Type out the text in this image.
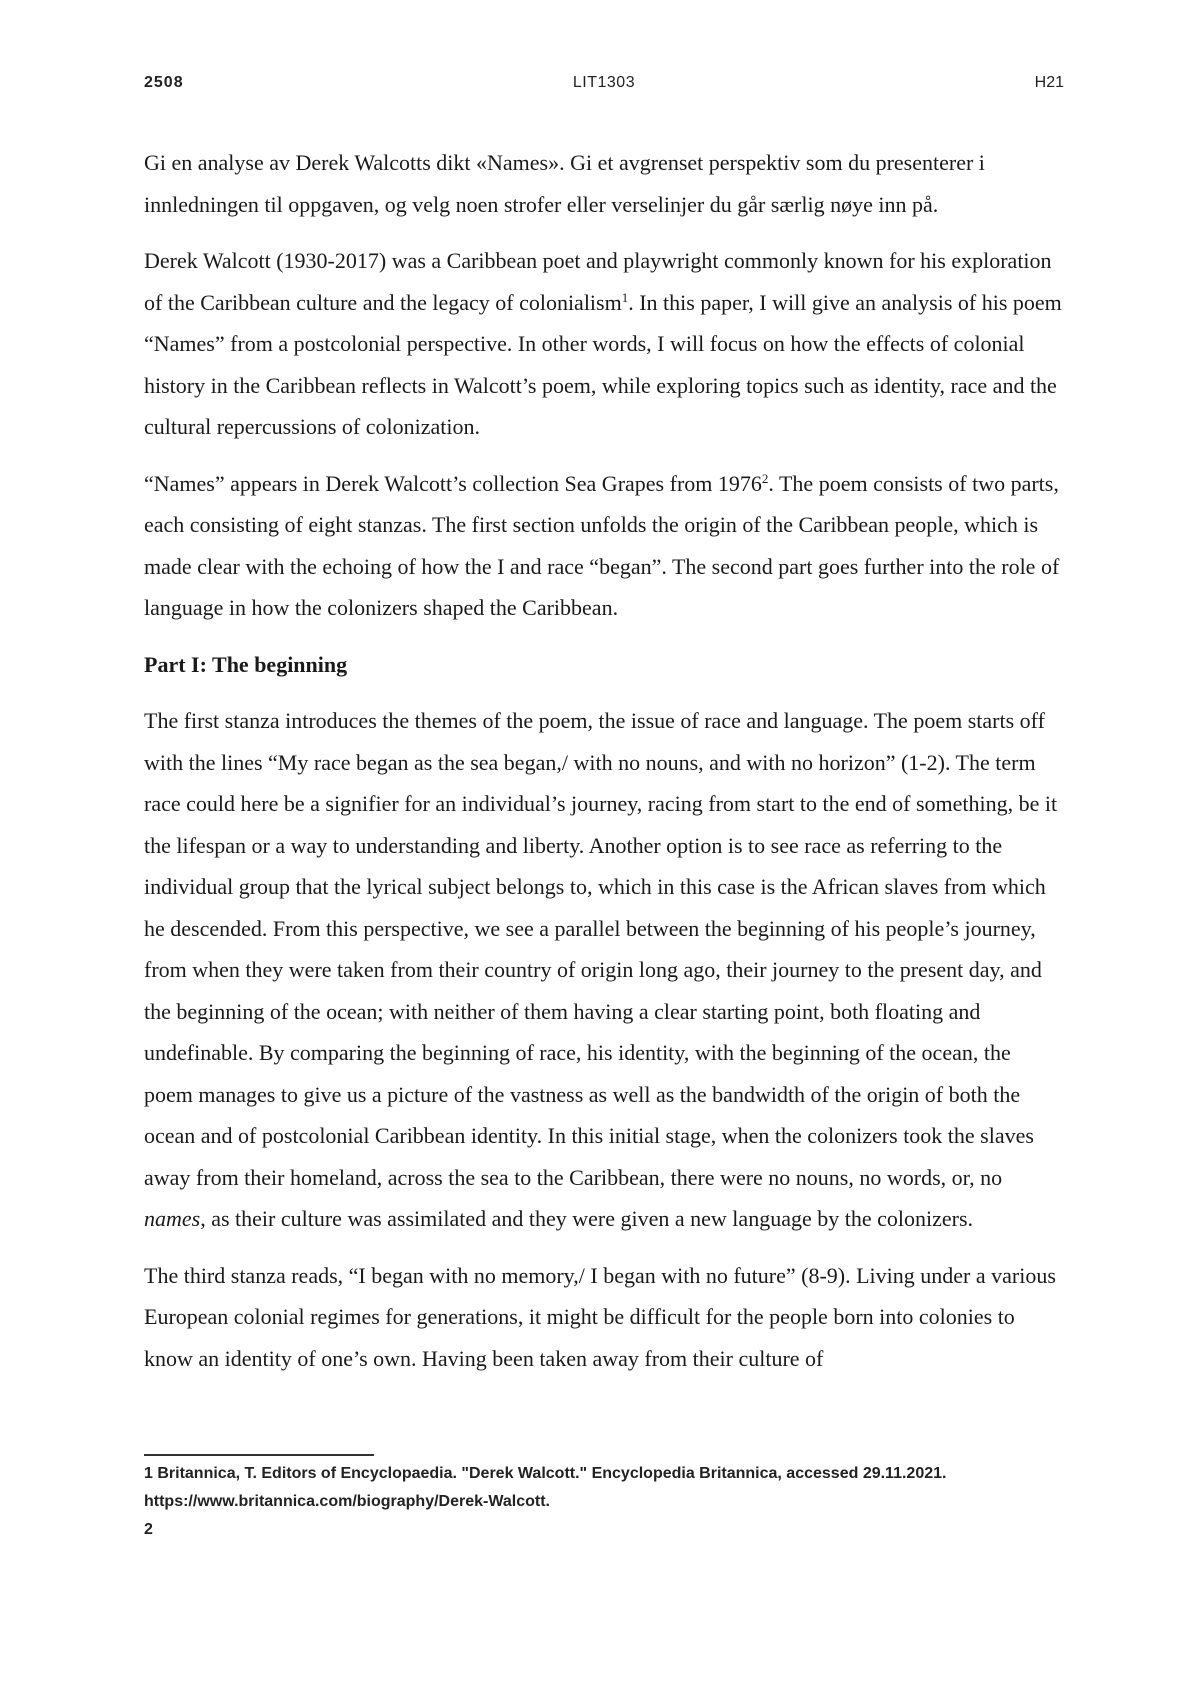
2508	LIT1303	H21

Gi en analyse av Derek Walcotts dikt «Names». Gi et avgrenset perspektiv som du presenterer i innledningen til oppgaven, og velg noen strofer eller verselinjer du går særlig nøye inn på.

Derek Walcott (1930-2017) was a Caribbean poet and playwright commonly known for his exploration of the Caribbean culture and the legacy of colonialism$^1$. In this paper, I will give an analysis of his poem “Names” from a postcolonial perspective. In other words, I will focus on how the effects of colonial history in the Caribbean reflects in Walcott’s poem, while exploring topics such as identity, race and the cultural repercussions of colonization.

“Names” appears in Derek Walcott’s collection Sea Grapes from 1976$^2$. The poem consists of two parts, each consisting of eight stanzas. The first section unfolds the origin of the Caribbean people, which is made clear with the echoing of how the I and race “began”. The second part goes further into the role of language in how the colonizers shaped the Caribbean.

Part I: The beginning

The first stanza introduces the themes of the poem, the issue of race and language. The poem starts off with the lines “My race began as the sea began,/ with no nouns, and with no horizon” (1-2). The term race could here be a signifier for an individual’s journey, racing from start to the end of something, be it the lifespan or a way to understanding and liberty. Another option is to see race as referring to the individual group that the lyrical subject belongs to, which in this case is the African slaves from which he descended. From this perspective, we see a parallel between the beginning of his people’s journey, from when they were taken from their country of origin long ago, their journey to the present day, and the beginning of the ocean; with neither of them having a clear starting point, both floating and undefinable. By comparing the beginning of race, his identity, with the beginning of the ocean, the poem manages to give us a picture of the vastness as well as the bandwidth of the origin of both the ocean and of postcolonial Caribbean identity. In this initial stage, when the colonizers took the slaves away from their homeland, across the sea to the Caribbean, there were no nouns, no words, or, no names, as their culture was assimilated and they were given a new language by the colonizers.

The third stanza reads, “I began with no memory,/ I began with no future” (8-9). Living under a various European colonial regimes for generations, it might be difficult for the people born into colonies to know an identity of one’s own. Having been taken away from their culture of

1 Britannica, T. Editors of Encyclopaedia. "Derek Walcott." Encyclopedia Britannica, accessed 29.11.2021. https://www.britannica.com/biography/Derek-Walcott.
2
